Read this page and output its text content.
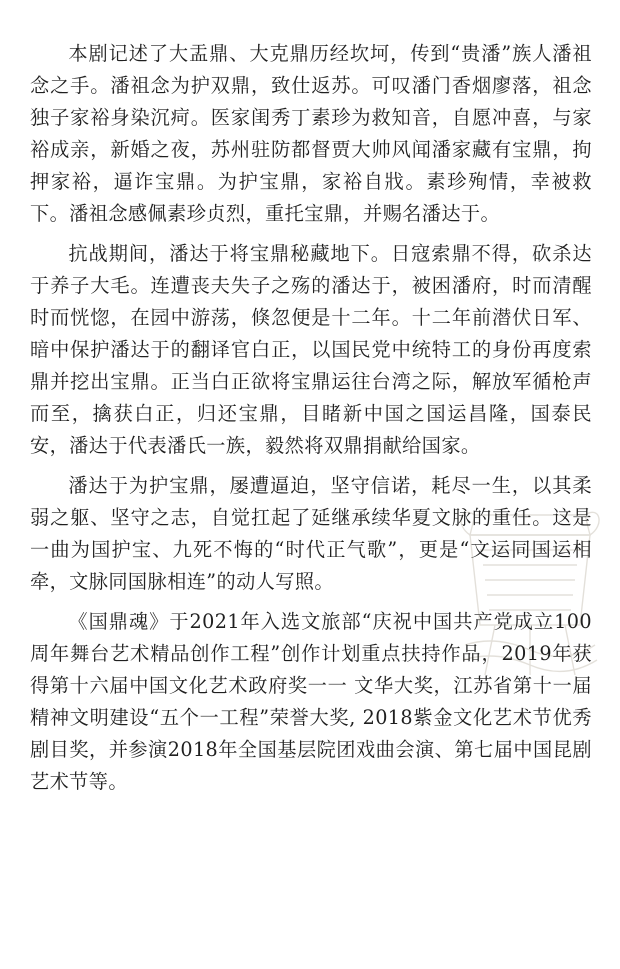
本剧记述了大盂鼎、大克鼎历经坎坷，传到“贵潘”族人潘祖念之手。潘祖念为护双鼎，致仕返苏。可叹潘门香烟廖落，祖念独子家裕身染沉疴。医家闺秀丁素珍为救知音，自愿冲喜，与家裕成亲，新婚之夜，苏州驻防都督贾大帅风闻潘家藏有宝鼎，拘押家裕，逼诈宝鼎。为护宝鼎，家裕自戕。素珍殉情，幸被救下。潘祖念感佩素珍贞烈，重托宝鼎，并赐名潘达于。

抗战期间，潘达于将宝鼎秘藏地下。日寇索鼎不得，砍杀达于养子大毛。连遭丧夫失子之殇的潘达于，被困潘府，时而清醒时而恍惚，在园中游荡，倏忽便是十二年。十二年前潜伏日军、暗中保护潘达于的翻译官白正，以国民党中统特工的身份再度索鼎并挖出宝鼎。正当白正欲将宝鼎运往台湾之际，解放军循枪声而至，擒获白正，归还宝鼎，目睹新中国之国运昌隆，国泰民安，潘达于代表潘氏一族，毅然将双鼎捐献给国家。

潘达于为护宝鼎，屡遭逼迫，坚守信诺，耗尽一生，以其柔弱之躯、坚守之志，自觉扛起了延继承续华夏文脉的重任。这是一曲为国护宝、九死不悔的“时代正气歌”，更是“文运同国运相牵，文脉同国脉相连”的动人写照。

《国鼎魂》于2021年入选文旅部“庆祝中国共产党成立100周年舞台艺术精品创作工程”创作计划重点扶持作品，2019年获得第十六届中国文化艺术政府奖一一 文华大奖，江苏省第十一届精神文明建设“五个一工程”荣誉大奖, 2018紫金文化艺术节优秀剧目奖，并参演2018年全国基层院团戏曲会演、第七届中国昆剧艺术节等。
